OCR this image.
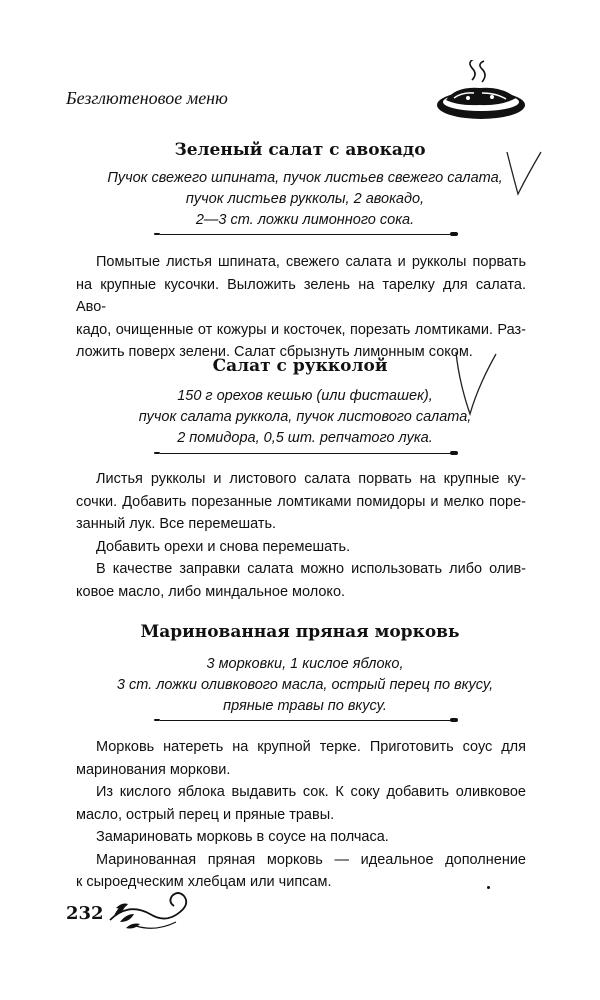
Безглютеновое меню
Зеленый салат с авокадо
Пучок свежего шпината, пучок листьев свежего салата,
пучок листьев рукколы, 2 авокадо,
2—3 ст. ложки лимонного сока.
Помытые листья шпината, свежего салата и рукколы порвать
на крупные кусочки. Выложить зелень на тарелку для салата. Аво-
кадо, очищенные от кожуры и косточек, порезать ломтиками. Раз-
ложить поверх зелени. Салат сбрызнуть лимонным соком.
Салат с рукколой
150 г орехов кешью (или фисташек),
пучок салата руккола, пучок листового салата,
2 помидора, 0,5 шт. репчатого лука.
Листья рукколы и листового салата порвать на крупные ку-
сочки. Добавить порезанные ломтиками помидоры и мелко поре-
занный лук. Все перемешать.
Добавить орехи и снова перемешать.
В качестве заправки салата можно использовать либо олив-
ковое масло, либо миндальное молоко.
Маринованная пряная морковь
3 морковки, 1 кислое яблоко,
3 ст. ложки оливкового масла, острый перец по вкусу,
пряные травы по вкусу.
Морковь натереть на крупной терке. Приготовить соус для
маринования моркови.
Из кислого яблока выдавить сок. К соку добавить оливковое
масло, острый перец и пряные травы.
Замариновать морковь в соусе на полчаса.
Маринованная пряная морковь — идеальное дополнение
к сыроедческим хлебцам или чипсам.
232
